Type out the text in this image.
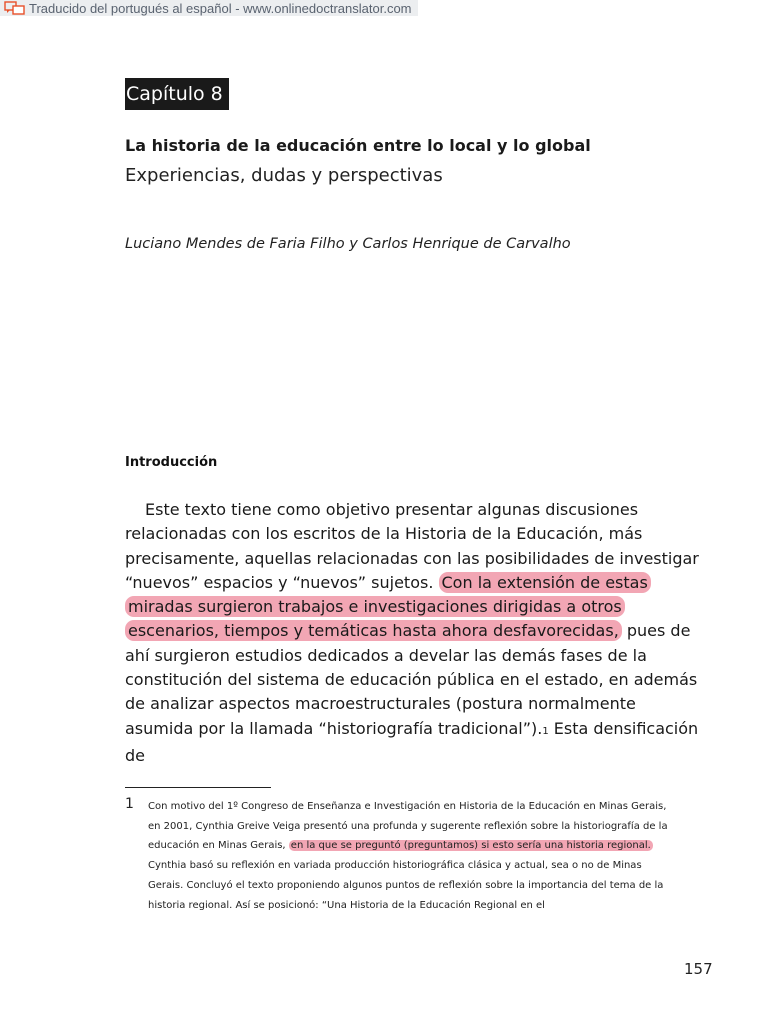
Traducido del portugués al español - www.onlinedoctranslator.com
Capítulo 8
La historia de la educación entre lo local y lo global
Experiencias, dudas y perspectivas
Luciano Mendes de Faria Filho y Carlos Henrique de Carvalho
Introducción

Este texto tiene como objetivo presentar algunas discusiones relacionadas con los escritos de la Historia de la Educación, más precisamente, aquellas relacionadas con las posibilidades de investigar “nuevos” espacios y “nuevos” sujetos. Con la extensión de estas miradas surgieron trabajos e investigaciones dirigidas a otros escenarios, tiempos y temáticas hasta ahora desfavorecidas, pues de ahí surgieron estudios dedicados a develar las demás fases de la constitución del sistema de educación pública en el estado, en además de analizar aspectos macroestructurales (postura normalmente asumida por la llamada “historiografía tradicional”).1 Esta densificación de

1 Con motivo del 1º Congreso de Enseñanza e Investigación en Historia de la Educación en Minas Gerais, en 2001, Cynthia Greive Veiga presentó una profunda y sugerente reflexión sobre la historiografía de la educación en Minas Gerais, en la que se preguntó (preguntamos) si esto sería una historia regional. Cynthia basó su reflexión en variada producción historiográfica clásica y actual, sea o no de Minas Gerais. Concluyó el texto proponiendo algunos puntos de reflexión sobre la importancia del tema de la historia regional. Así se posicionó: “Una Historia de la Educación Regional en el
157
